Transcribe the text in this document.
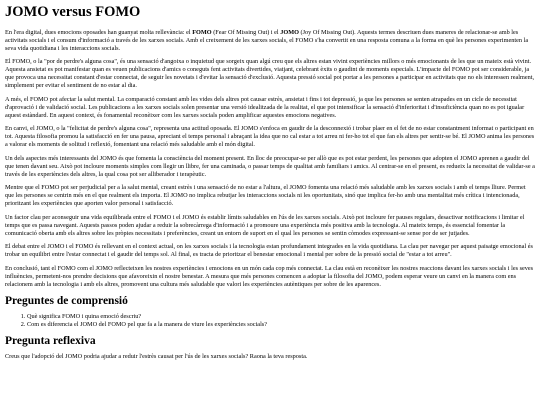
JOMO versus FOMO

En l'era digital, dues emocions oposades han guanyat molta rellevància: el FOMO (Fear Of Missing Out) i el JOMO (Joy Of Missing Out). Aquests termes descriuen dues maneres de relacionar-se amb les activitats socials i el consum d'informació a través de les xarxes socials. Amb el creixement de les xarxes socials, el FOMO s'ha convertit en una resposta comuna a la forma en què les persones experimenten la seva vida quotidiana i les interaccions socials.

El FOMO, o la "por de perdre's alguna cosa", és una sensació d'angoixa o inquietud que sorgeix quan algú creu que els altres estan vivint experiències millors o més emocionants de les que un mateix està vivint. Aquesta ansietat es pot manifestar quan es veuen publicacions d'amics o coneguts fent activitats divertides, viatjant, celebrant èxits o gaudint de moments especials. L'impacte del FOMO pot ser considerable, ja que provoca una necessitat constant d'estar connectat, de seguir les novetats i d'evitar la sensació d'exclusió. Aquesta pressió social pot portar a les persones a participar en activitats que no els interessen realment, simplement per evitar el sentiment de no estar al dia.

A més, el FOMO pot afectar la salut mental. La comparació constant amb les vides dels altres pot causar estrès, ansietat i fins i tot depressió, ja que les persones se senten atrapades en un cicle de necessitat d'aprovació i de validació social. Les publicacions a les xarxes socials solen presentar una versió idealitzada de la realitat, el que pot intensificar la sensació d'inferioritat i d'insuficiència quan no es pot igualar aquest estàndard. En aquest context, és fonamental reconèixer com les xarxes socials poden amplificar aquestes emocions negatives.

En canvi, el JOMO, o la "felicitat de perdre's alguna cosa", representa una actitud oposada. El JOMO s'enfoca en gaudir de la desconnexió i trobar plaer en el fet de no estar constantment informat o participant en tot. Aquesta filosofia promou la satisfacció en fer una pausa, apreciant el temps personal i abraçant la idea que no cal estar a tot arreu ni fer-ho tot el que fan els altres per sentir-se bé. El JOMO anima les persones a valorar els moments de solitud i reflexió, fomentant una relació més saludable amb el món digital.

Un dels aspectes més interessants del JOMO és que fomenta la consciència del moment present. En lloc de preocupar-se per allò que es pot estar perdent, les persones que adopten el JOMO aprenen a gaudir del que tenen davant seu. Això pot incloure moments simples com llegir un llibre, fer una caminada, o passar temps de qualitat amb familiars i amics. Al centrar-se en el present, es redueix la necessitat de validar-se a través de les experiències dels altres, la qual cosa pot ser alliberador i terapèutic.

Mentre que el FOMO pot ser perjudicial per a la salut mental, creant estrès i una sensació de no estar a l'altura, el JOMO fomenta una relació més saludable amb les xarxes socials i amb el temps lliure. Permet que les persones se centrin més en el que realment els importa. El JOMO no implica rebutjar les interaccions socials ni les oportunitats, sinó que implica fer-ho amb una mentalitat més crítica i intencionada, prioritzant les experiències que aporten valor personal i satisfacció.

Un factor clau per aconseguir una vida equilibrada entre el FOMO i el JOMO és establir límits saludables en l'ús de les xarxes socials. Això pot incloure fer pauses regulars, desactivar notificacions i limitar el temps que es passa navegant. Aquests passos poden ajudar a reduir la sobrecàrrega d'informació i a promoure una experiència més positiva amb la tecnologia. Al mateix temps, és essencial fomentar la comunicació oberta amb els altres sobre les pròpies necessitats i preferències, creant un entorn de suport en el qual les persones se sentin còmodes expressant-se sense por de ser jutjades.

El debat entre el JOMO i el FOMO és rellevant en el context actual, on les xarxes socials i la tecnologia estan profundament integrades en la vida quotidiana. La clau per navegar per aquest paisatge emocional és trobar un equilibri entre l'estar connectat i el gaudir del temps sol. Al final, es tracta de prioritzar el benestar emocional i mental per sobre de la pressió social de "estar a tot arreu".

En conclusió, tant el FOMO com el JOMO reflecteixen les nostres experiències i emocions en un món cada cop més connectat. La clau està en reconèixer les nostres reaccions davant les xarxes socials i les seves influències, permetent-nos prendre decisions que afavoreixin el nostre benestar. A mesura que més persones comencen a adoptar la filosofia del JOMO, podem esperar veure un canvi en la manera com ens relacionem amb la tecnologia i amb els altres, promovent una cultura més saludable que valori les experiències autèntiques per sobre de les aparences.

Preguntes de comprensió
1. Què significa FOMO i quina emoció descriu?
2. Com es diferencia el JOMO del FOMO pel que fa a la manera de viure les experiències socials?
Pregunta reflexiva

Creus que l'adopció del JOMO podria ajudar a reduir l'estrès causat per l'ús de les xarxes socials? Raona la teva resposta.
